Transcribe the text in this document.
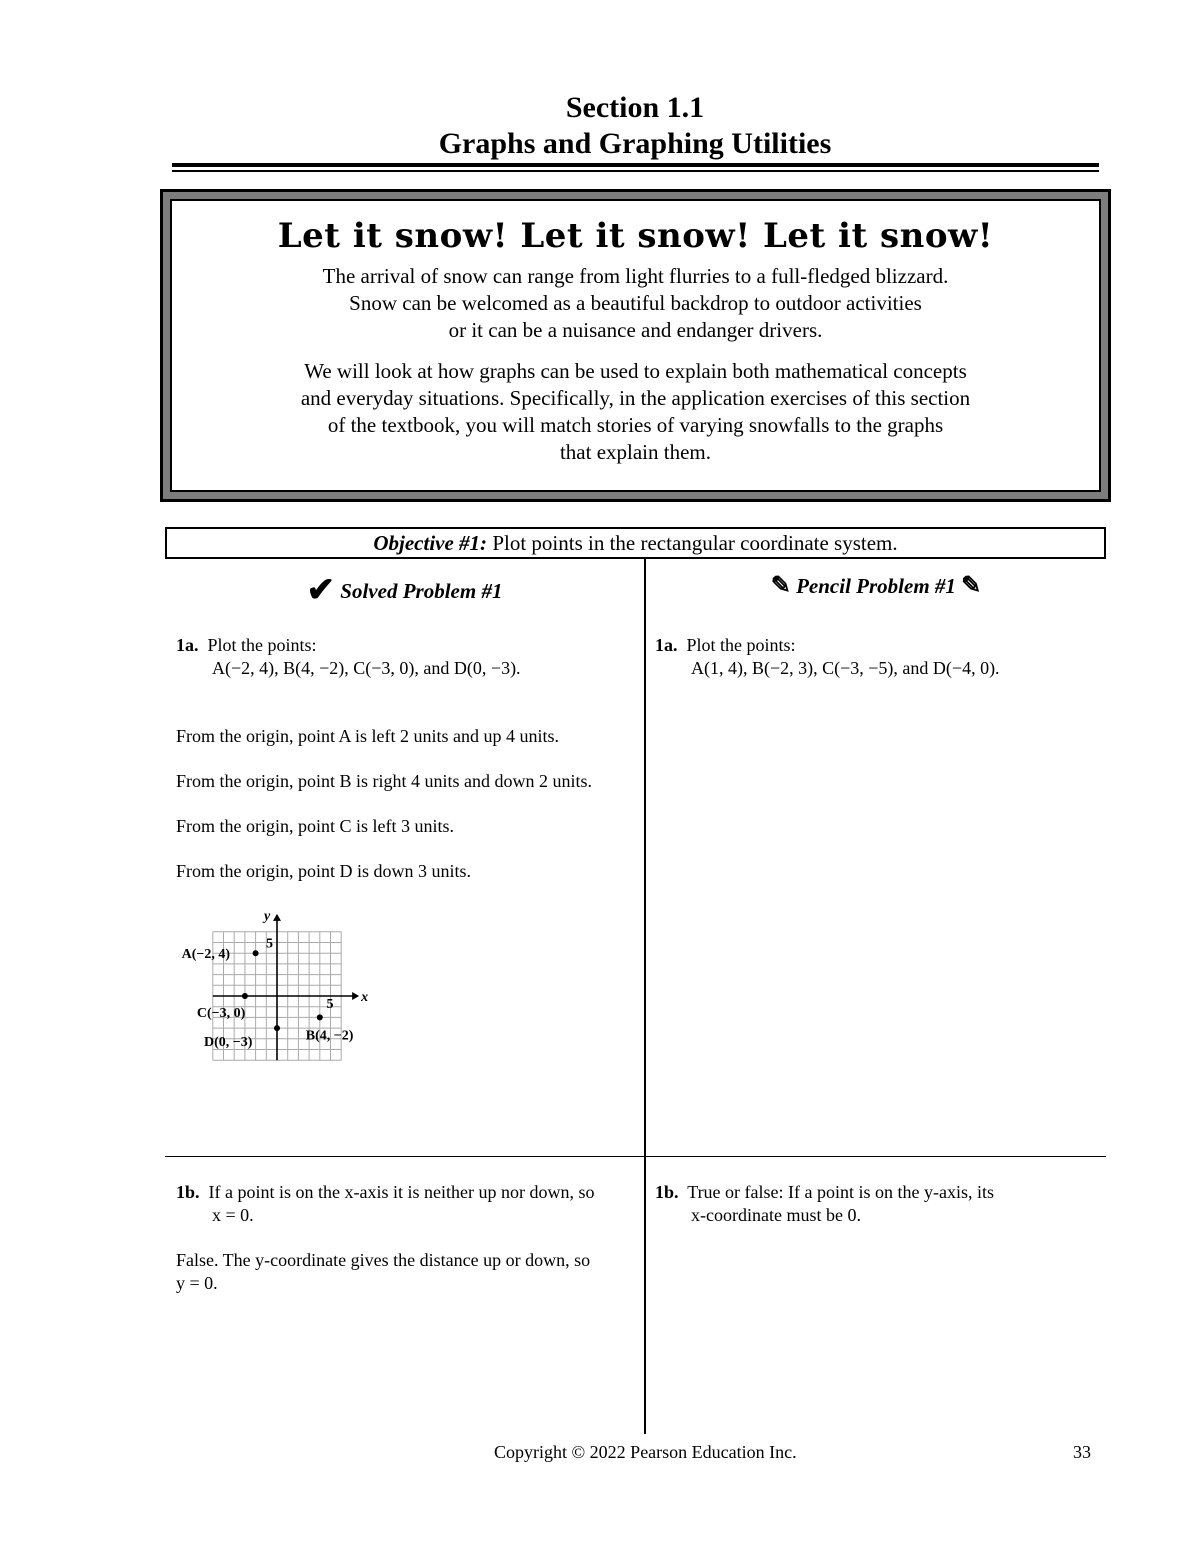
Section 1.1
Graphs and Graphing Utilities
Let it snow! Let it snow! Let it snow!
The arrival of snow can range from light flurries to a full-fledged blizzard.
Snow can be welcomed as a beautiful backdrop to outdoor activities
or it can be a nuisance and endanger drivers.
We will look at how graphs can be used to explain both mathematical concepts
and everyday situations. Specifically, in the application exercises of this section
of the textbook, you will match stories of varying snowfalls to the graphs
that explain them.
Objective #1: Plot points in the rectangular coordinate system.
✔ Solved Problem #1	✎ Pencil Problem #1 ✎
1a. Plot the points:
A(−2, 4), B(4, −2), C(−3, 0), and D(0, −3).
From the origin, point A is left 2 units and up 4 units.
From the origin, point B is right 4 units and down 2 units.
From the origin, point C is left 3 units.
From the origin, point D is down 3 units.
x
y
5
5
A(−2, 4)
B(4, −2)
C(−3, 0)
D(0, −3)
1b. If a point is on the x-axis it is neither up nor down, so
x = 0.
False. The y-coordinate gives the distance up or down, so
y = 0.
1a. Plot the points:
A(1, 4), B(−2, 3), C(−3, −5), and D(−4, 0).
1b. True or false: If a point is on the y-axis, its
x-coordinate must be 0.
Copyright © 2022 Pearson Education Inc.	33
